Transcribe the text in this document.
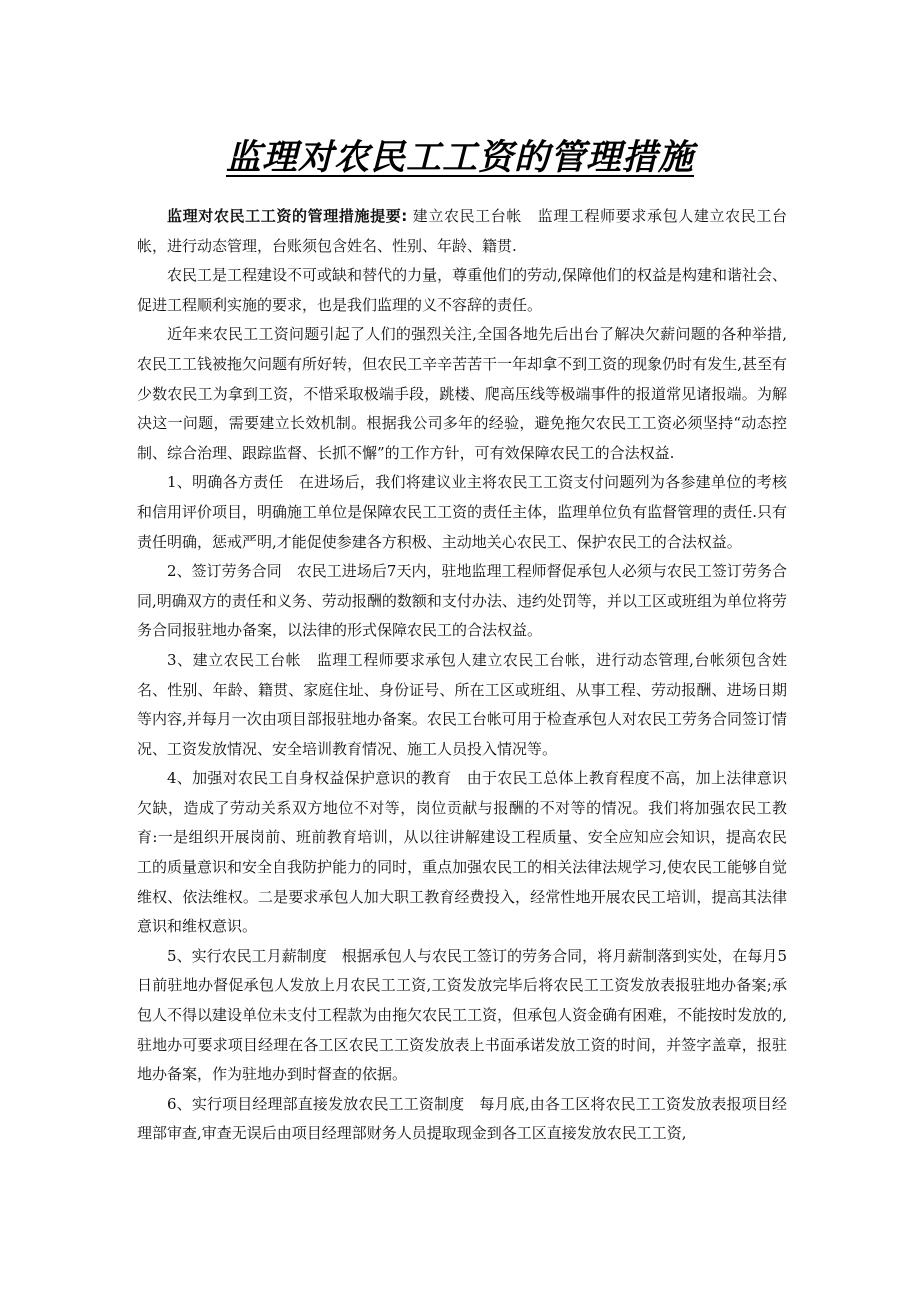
监理对农民工工资的管理措施

监理对农民工工资的管理措施提要: 建立农民工台帐　监理工程师要求承包人建立农民工台帐，进行动态管理，台账须包含姓名、性别、年龄、籍贯.

农民工是工程建设不可或缺和替代的力量，尊重他们的劳动,保障他们的权益是构建和谐社会、促进工程顺利实施的要求，也是我们监理的义不容辞的责任。

近年来农民工工资问题引起了人们的强烈关注,全国各地先后出台了解决欠薪问题的各种举措,农民工工钱被拖欠问题有所好转，但农民工辛辛苦苦干一年却拿不到工资的现象仍时有发生,甚至有少数农民工为拿到工资，不惜采取极端手段，跳楼、爬高压线等极端事件的报道常见诸报端。为解决这一问题，需要建立长效机制。根据我公司多年的经验，避免拖欠农民工工资必须坚持“动态控制、综合治理、跟踪监督、长抓不懈”的工作方针，可有效保障农民工的合法权益.

1、明确各方责任　在进场后，我们将建议业主将农民工工资支付问题列为各参建单位的考核和信用评价项目，明确施工单位是保障农民工工资的责任主体，监理单位负有监督管理的责任.只有责任明确，惩戒严明,才能促使参建各方积极、主动地关心农民工、保护农民工的合法权益。

2、签订劳务合同　农民工进场后7天内，驻地监理工程师督促承包人必须与农民工签订劳务合同,明确双方的责任和义务、劳动报酬的数额和支付办法、违约处罚等，并以工区或班组为单位将劳务合同报驻地办备案，以法律的形式保障农民工的合法权益。

3、建立农民工台帐　监理工程师要求承包人建立农民工台帐，进行动态管理,台帐须包含姓名、性别、年龄、籍贯、家庭住址、身份证号、所在工区或班组、从事工程、劳动报酬、进场日期等内容,并每月一次由项目部报驻地办备案。农民工台帐可用于检查承包人对农民工劳务合同签订情况、工资发放情况、安全培训教育情况、施工人员投入情况等。

4、加强对农民工自身权益保护意识的教育　由于农民工总体上教育程度不高，加上法律意识欠缺，造成了劳动关系双方地位不对等，岗位贡献与报酬的不对等的情况。我们将加强农民工教育:一是组织开展岗前、班前教育培训，从以往讲解建设工程质量、安全应知应会知识，提高农民工的质量意识和安全自我防护能力的同时，重点加强农民工的相关法律法规学习,使农民工能够自觉维权、依法维权。二是要求承包人加大职工教育经费投入，经常性地开展农民工培训，提高其法律意识和维权意识。

5、实行农民工月薪制度　根据承包人与农民工签订的劳务合同，将月薪制落到实处，在每月5日前驻地办督促承包人发放上月农民工工资,工资发放完毕后将农民工工资发放表报驻地办备案;承包人不得以建设单位未支付工程款为由拖欠农民工工资，但承包人资金确有困难，不能按时发放的,驻地办可要求项目经理在各工区农民工工资发放表上书面承诺发放工资的时间，并签字盖章，报驻地办备案，作为驻地办到时督查的依据。

6、实行项目经理部直接发放农民工工资制度　每月底,由各工区将农民工工资发放表报项目经理部审查,审查无误后由项目经理部财务人员提取现金到各工区直接发放农民工工资,
